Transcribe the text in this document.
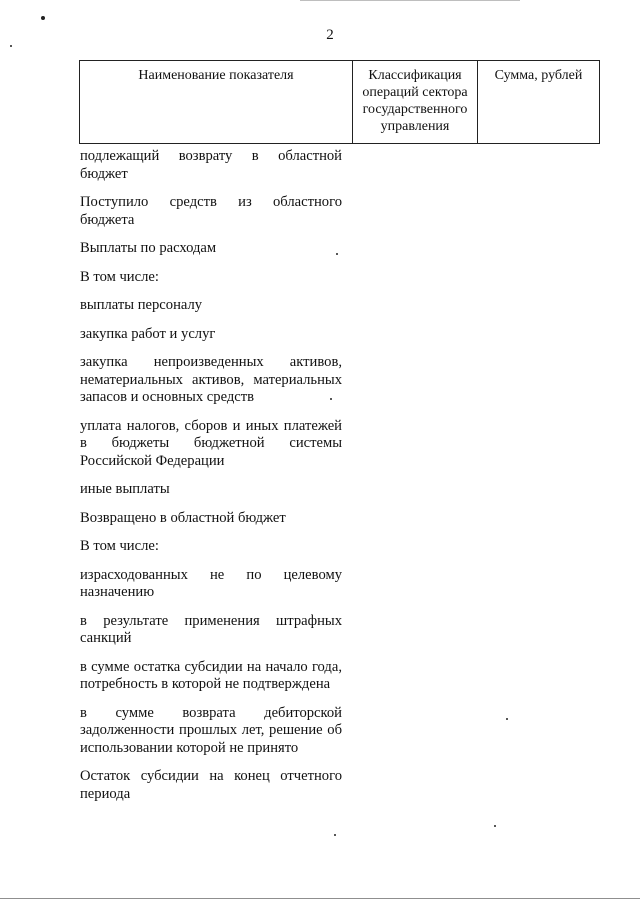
2
Наименование показателя	Классификация операций сектора государственного управления	Сумма, рублей
подлежащий возврату в областной бюджет
Поступило средств из областного бюджета
Выплаты по расходам
В том числе:
выплаты персоналу
закупка работ и услуг
закупка непроизведенных активов, нематериальных активов, материальных запасов и основных средств
уплата налогов, сборов и иных платежей в бюджеты бюджетной системы Российской Федерации
иные выплаты
Возвращено в областной бюджет
В том числе:
израсходованных не по целевому назначению
в результате применения штрафных санкций
в сумме остатка субсидии на начало года, потребность в которой не подтверждена
в сумме возврата дебиторской задолженности прошлых лет, решение об использовании которой не принято
Остаток субсидии на конец отчетного периода
